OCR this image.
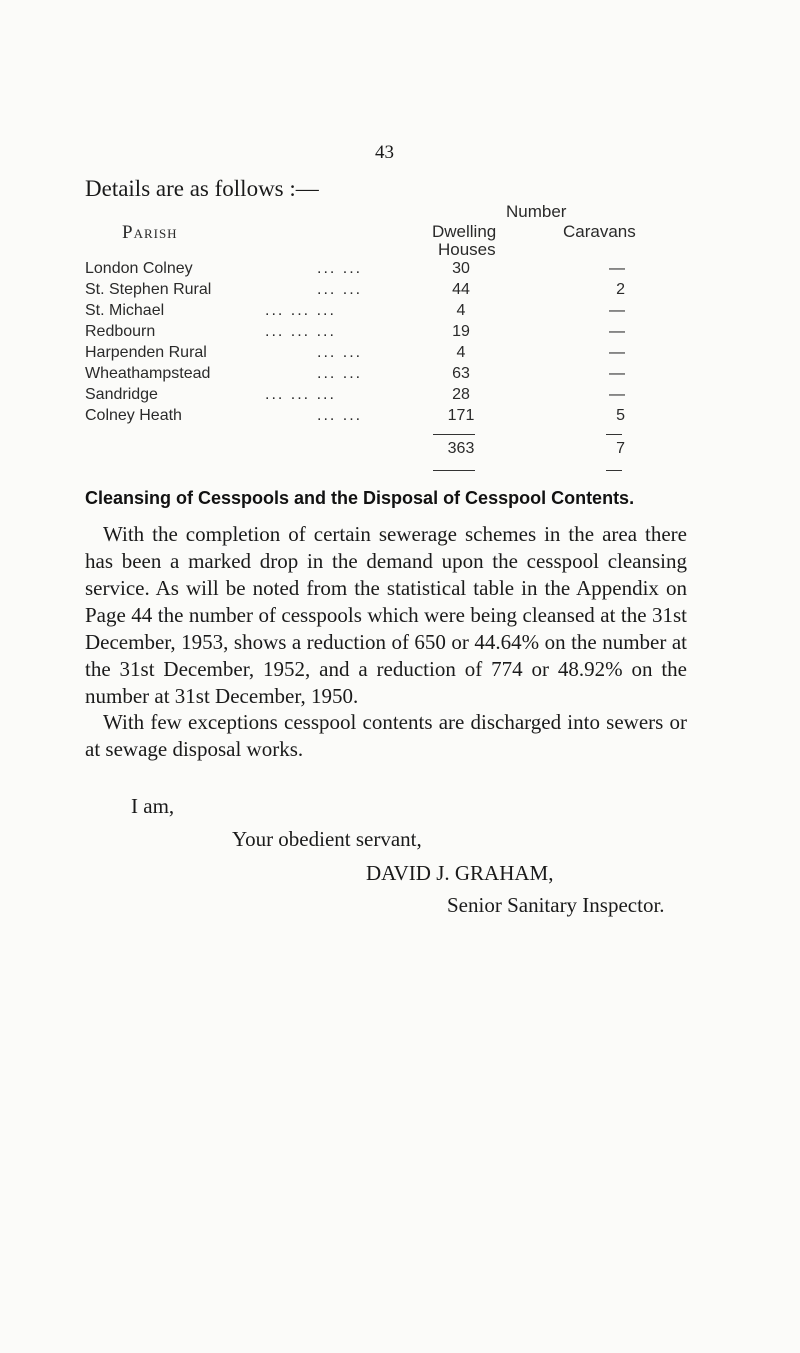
43
Details are as follows :—
Parish
Number
Dwelling
Houses
Caravans
London Colney	... ...	30	—
St. Stephen Rural	... ...	44	2
St. Michael	... ... ...	4	—
Redbourn	... ... ...	19	—
Harpenden Rural	... ...	4	—
Wheathampstead	... ...	63	—
Sandridge	... ... ...	28	—
Colney Heath	... ...	171	5
363	7
Cleansing of Cesspools and the Disposal of Cesspool Contents.

With the completion of certain sewerage schemes in the area there has been a marked drop in the demand upon the cesspool cleansing service. As will be noted from the statistical table in the Appendix on Page 44 the number of cesspools which were being cleansed at the 31st December, 1953, shows a reduction of 650 or 44.64% on the number at the 31st December, 1952, and a reduction of 774 or 48.92% on the number at 31st December, 1950.

With few exceptions cesspool contents are discharged into sewers or at sewage disposal works.

I am,
Your obedient servant,
DAVID J. GRAHAM,
Senior Sanitary Inspector.
